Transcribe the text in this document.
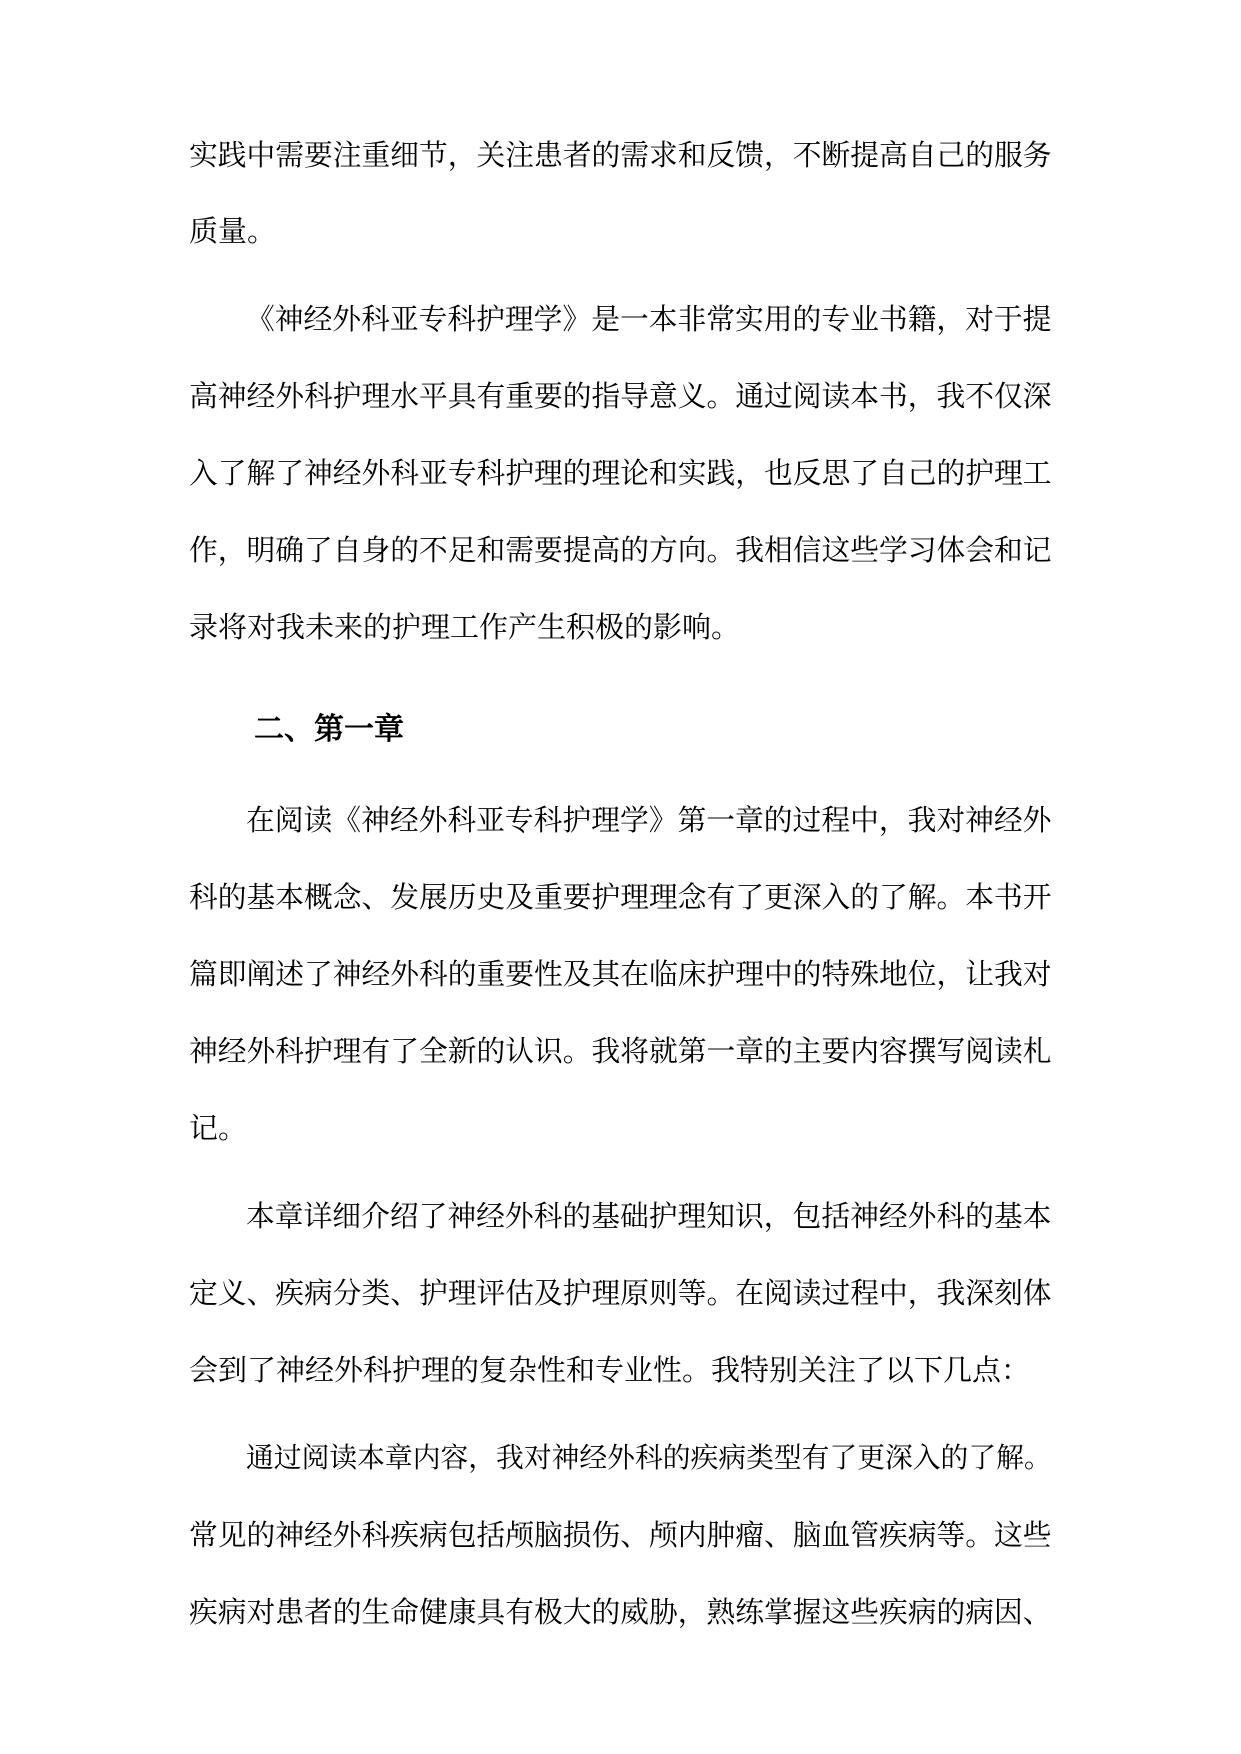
实践中需要注重细节，关注患者的需求和反馈，不断提高自己的服务

质量。

《神经外科亚专科护理学》是一本非常实用的专业书籍，对于提

高神经外科护理水平具有重要的指导意义。通过阅读本书，我不仅深

入了解了神经外科亚专科护理的理论和实践，也反思了自己的护理工

作，明确了自身的不足和需要提高的方向。我相信这些学习体会和记

录将对我未来的护理工作产生积极的影响。

二、第一章

在阅读《神经外科亚专科护理学》第一章的过程中，我对神经外

科的基本概念、发展历史及重要护理理念有了更深入的了解。本书开

篇即阐述了神经外科的重要性及其在临床护理中的特殊地位，让我对

神经外科护理有了全新的认识。我将就第一章的主要内容撰写阅读札

记。

本章详细介绍了神经外科的基础护理知识，包括神经外科的基本

定义、疾病分类、护理评估及护理原则等。在阅读过程中，我深刻体

会到了神经外科护理的复杂性和专业性。我特别关注了以下几点：

通过阅读本章内容，我对神经外科的疾病类型有了更深入的了解。

常见的神经外科疾病包括颅脑损伤、颅内肿瘤、脑血管疾病等。这些

疾病对患者的生命健康具有极大的威胁，熟练掌握这些疾病的病因、
